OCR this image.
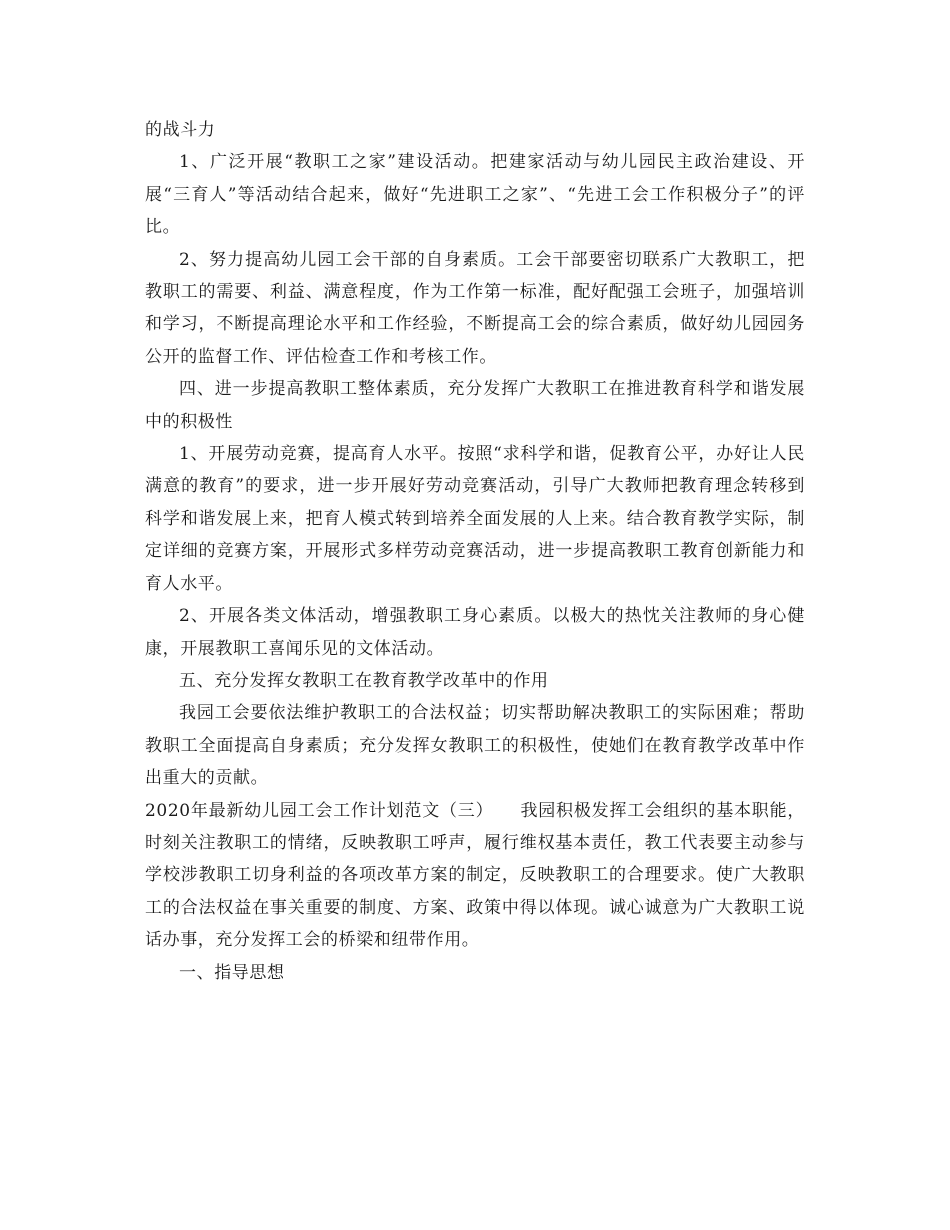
的战斗力

1、广泛开展“教职工之家”建设活动。把建家活动与幼儿园民主政治建设、开展“三育人”等活动结合起来，做好“先进职工之家”、“先进工会工作积极分子”的评比。

2、努力提高幼儿园工会干部的自身素质。工会干部要密切联系广大教职工，把教职工的需要、利益、满意程度，作为工作第一标准，配好配强工会班子，加强培训和学习，不断提高理论水平和工作经验，不断提高工会的综合素质，做好幼儿园园务公开的监督工作、评估检查工作和考核工作。

四、进一步提高教职工整体素质，充分发挥广大教职工在推进教育科学和谐发展中的积极性

1、开展劳动竞赛，提高育人水平。按照“求科学和谐，促教育公平，办好让人民满意的教育”的要求，进一步开展好劳动竞赛活动，引导广大教师把教育理念转移到科学和谐发展上来，把育人模式转到培养全面发展的人上来。结合教育教学实际，制定详细的竞赛方案，开展形式多样劳动竞赛活动，进一步提高教职工教育创新能力和育人水平。

2、开展各类文体活动，增强教职工身心素质。以极大的热忱关注教师的身心健康，开展教职工喜闻乐见的文体活动。

五、充分发挥女教职工在教育教学改革中的作用

我园工会要依法维护教职工的合法权益；切实帮助解决教职工的实际困难；帮助教职工全面提高自身素质；充分发挥女教职工的积极性，使她们在教育教学改革中作出重大的贡献。

2020年最新幼儿园工会工作计划范文（三）　　我园积极发挥工会组织的基本职能，时刻关注教职工的情绪，反映教职工呼声，履行维权基本责任，教工代表要主动参与学校涉教职工切身利益的各项改革方案的制定，反映教职工的合理要求。使广大教职工的合法权益在事关重要的制度、方案、政策中得以体现。诚心诚意为广大教职工说话办事，充分发挥工会的桥梁和纽带作用。

一、指导思想
